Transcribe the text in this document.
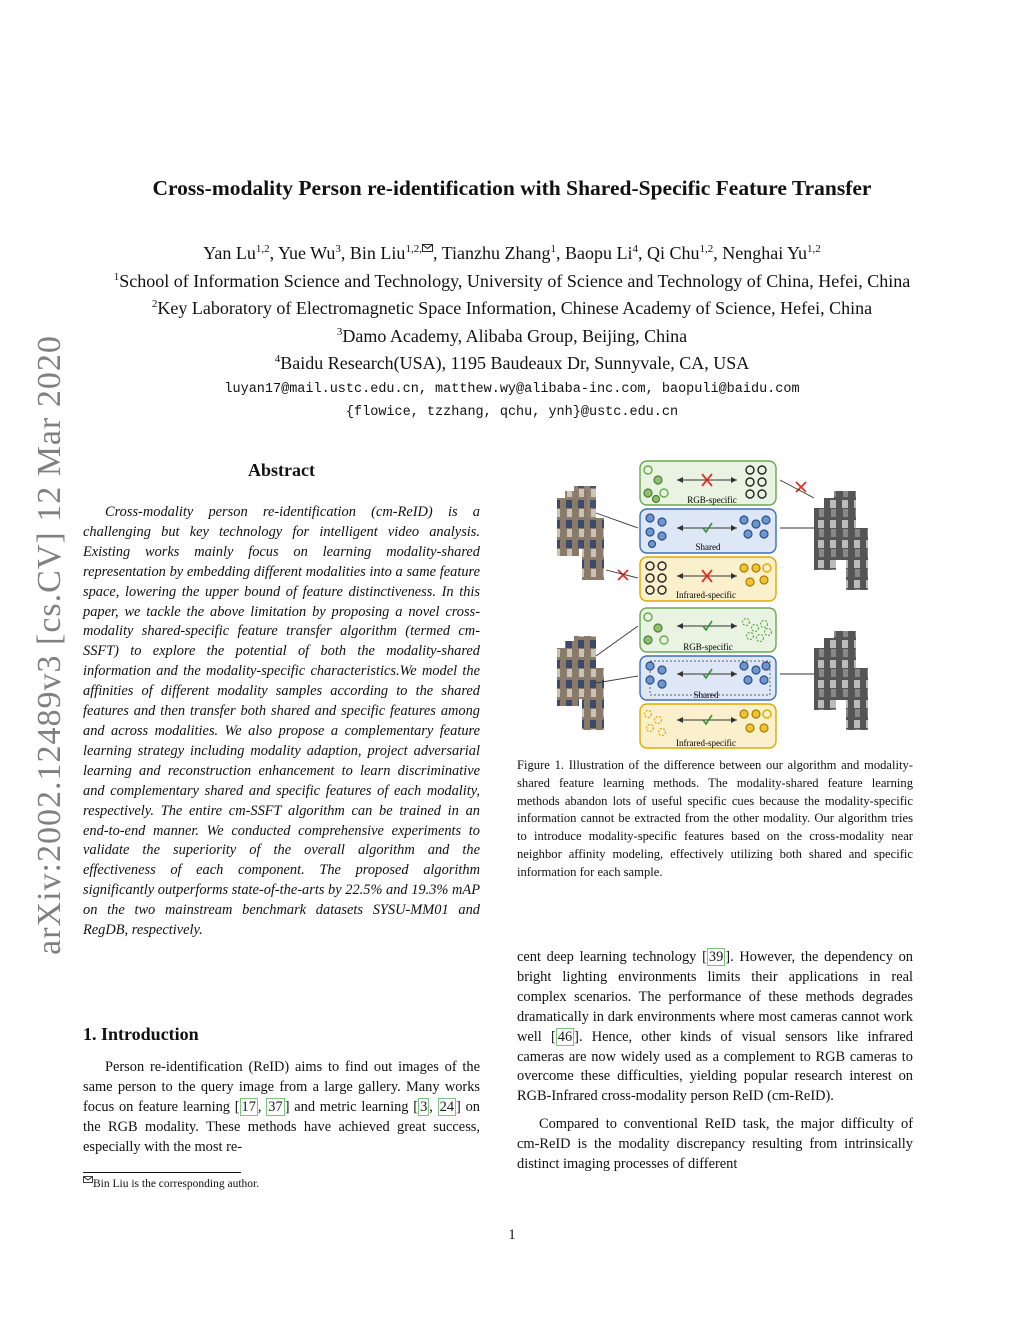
arXiv:2002.12489v3 [cs.CV] 12 Mar 2020
Cross-modality Person re-identification with Shared-Specific Feature Transfer
Yan Lu$^{1,2}$, Yue Wu$^3$, Bin Liu$^{1,2,}$ , Tianzhu Zhang$^1$, Baopu Li$^4$, Qi Chu$^{1,2}$, Nenghai Yu$^{1,2}$
$^1$School of Information Science and Technology, University of Science and Technology of China, Hefei, China
$^2$Key Laboratory of Electromagnetic Space Information, Chinese Academy of Science, Hefei, China
$^3$Damo Academy, Alibaba Group, Beijing, China
$^4$Baidu Research(USA), 1195 Baudeaux Dr, Sunnyvale, CA, USA
luyan17@mail.ustc.edu.cn, matthew.wy@alibaba-inc.com, baopuli@baidu.com
{flowice, tzzhang, qchu, ynh}@ustc.edu.cn
Abstract

Cross-modality person re-identification (cm-ReID) is a challenging but key technology for intelligent video analysis. Existing works mainly focus on learning modality-shared representation by embedding different modalities into a same feature space, lowering the upper bound of feature distinctiveness. In this paper, we tackle the above limitation by proposing a novel cross-modality shared-specific feature transfer algorithm (termed cm-SSFT) to explore the potential of both the modality-shared information and the modality-specific characteristics.We model the affinities of different modality samples according to the shared features and then transfer both shared and specific features among and across modalities. We also propose a complementary feature learning strategy including modality adaption, project adversarial learning and reconstruction enhancement to learn discriminative and complementary shared and specific features of each modality, respectively. The entire cm-SSFT algorithm can be trained in an end-to-end manner. We conducted comprehensive experiments to validate the superiority of the overall algorithm and the effectiveness of each component. The proposed algorithm significantly outperforms state-of-the-arts by 22.5% and 19.3% mAP on the two mainstream benchmark datasets SYSU-MM01 and RegDB, respectively.

1. Introduction

Person re-identification (ReID) aims to find out images of the same person to the query image from a large gallery. Many works focus on feature learning [ 17 , 37 ] and metric learning [ 3 , 24 ] on the RGB modality. These methods have achieved great success, especially with the most re-

Bin Liu is the corresponding author.
RGB-specific
Shared
Infrared-specific
RGB-specific
Shared
Infrared-specific
Figure 1. Illustration of the difference between our algorithm and modality-shared feature learning methods. The modality-shared feature learning methods abandon lots of useful specific cues because the modality-specific information cannot be extracted from the other modality. Our algorithm tries to introduce modality-specific features based on the cross-modality near neighbor affinity modeling, effectively utilizing both shared and specific information for each sample.

cent deep learning technology [ 39 ]. However, the dependency on bright lighting environments limits their applications in real complex scenarios. The performance of these methods degrades dramatically in dark environments where most cameras cannot work well [ 46 ]. Hence, other kinds of visual sensors like infrared cameras are now widely used as a complement to RGB cameras to overcome these difficulties, yielding popular research interest on RGB-Infrared cross-modality person ReID (cm-ReID).

Compared to conventional ReID task, the major difficulty of cm-ReID is the modality discrepancy resulting from intrinsically distinct imaging processes of different

1
